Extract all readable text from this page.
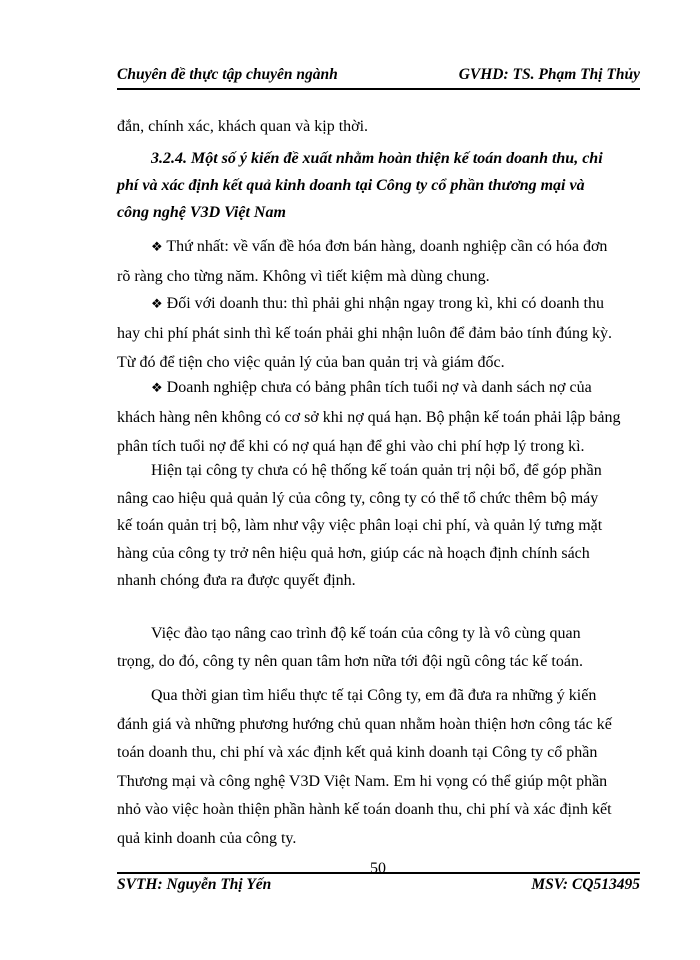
Chuyên đề thực tập chuyên ngành	GVHD: TS. Phạm Thị Thủy

đắn, chính xác, khách quan và kịp thời.

3.2.4. Một số ý kiến đề xuất nhằm hoàn thiện kế toán doanh thu, chi
phí và xác định kết quả kinh doanh tại Công ty cổ phần thương mại và
công nghệ V3D Việt Nam
❖ Thứ nhất: về vấn đề hóa đơn bán hàng, doanh nghiệp cần có hóa đơn
rõ ràng cho từng năm. Không vì tiết kiệm mà dùng chung.
❖ Đối với doanh thu: thì phải ghi nhận ngay trong kì, khi có doanh thu
hay chi phí phát sinh thì kế toán phải ghi nhận luôn để đảm bảo tính đúng kỳ.
Từ đó để tiện cho việc quản lý của ban quản trị và giám đốc.
❖ Doanh nghiệp chưa có bảng phân tích tuổi nợ và danh sách nợ của
khách hàng nên không có cơ sở khi nợ quá hạn. Bộ phận kế toán phải lập bảng
phân tích tuổi nợ để khi có nợ quá hạn để ghi vào chi phí hợp lý trong kì.
Hiện tại công ty chưa có hệ thống kế toán quản trị nội bổ, để góp phần
nâng cao hiệu quả quản lý của công ty, công ty có thể tổ chức thêm bộ máy
kế toán quản trị bộ, làm như vậy việc phân loại chi phí, và quản lý tưng mặt
hàng của công ty trở nên hiệu quả hơn, giúp các nà hoạch định chính sách
nhanh chóng đưa ra được quyết định.
Việc đào tạo nâng cao trình độ kế toán của công ty là vô cùng quan
trọng, do đó, công ty nên quan tâm hơn nữa tới đội ngũ công tác kế toán.
Qua thời gian tìm hiểu thực tế tại Công ty, em đã đưa ra những ý kiến
đánh giá và những phương hướng chủ quan nhằm hoàn thiện hơn công tác kế
toán doanh thu, chi phí và xác định kết quả kinh doanh tại Công ty cổ phần
Thương mại và công nghệ V3D Việt Nam. Em hi vọng có thể giúp một phần
nhỏ vào việc hoàn thiện phần hành kế toán doanh thu, chi phí và xác định kết
quả kinh doanh của công ty.
SVTH: Nguyễn Thị Yến
50
MSV: CQ513495
